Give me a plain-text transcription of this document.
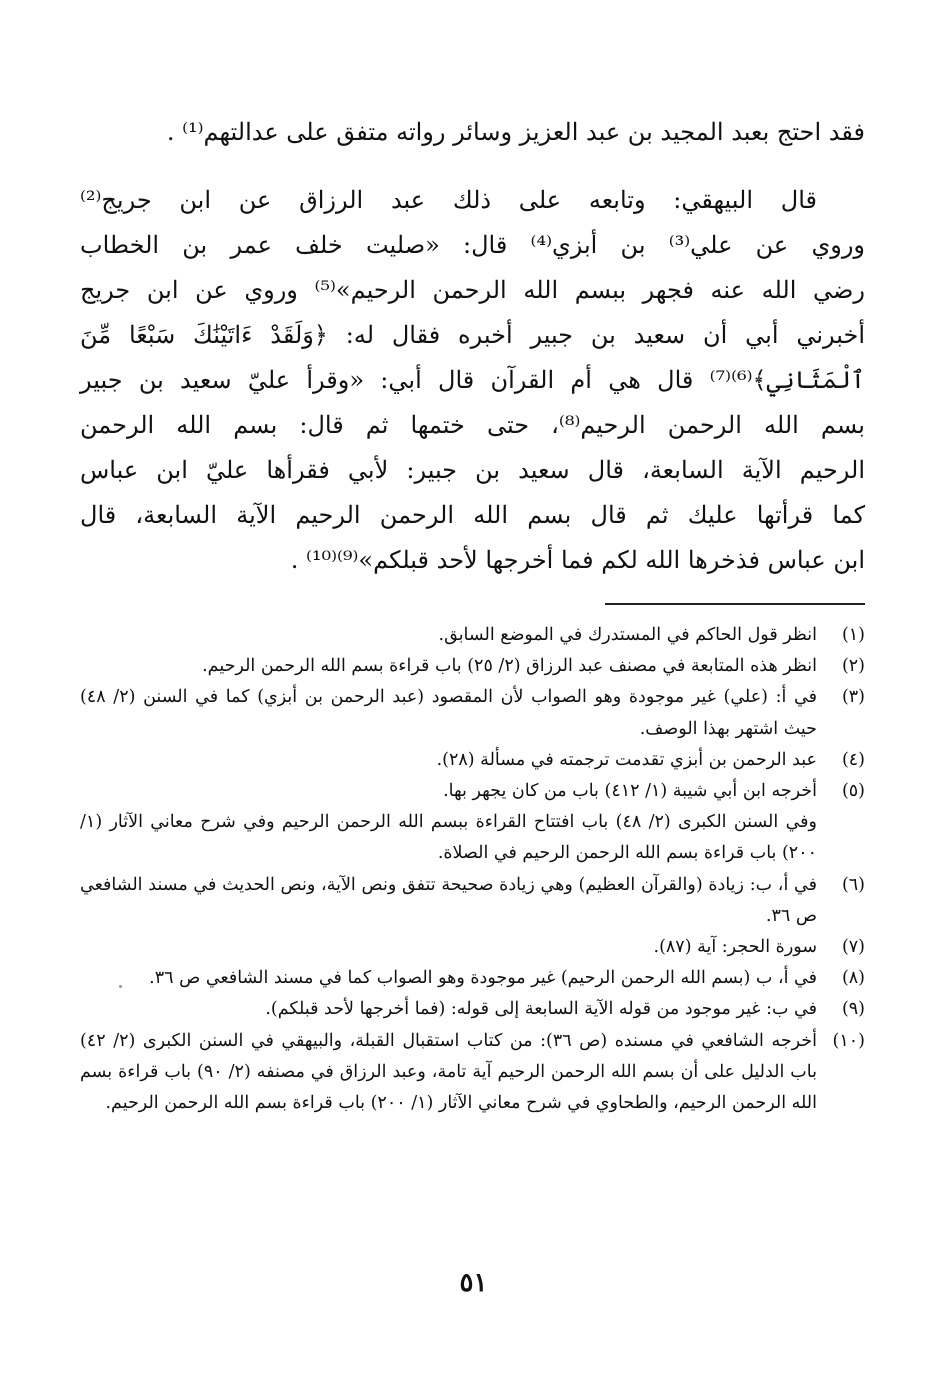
فقد احتج بعبد المجيد بن عبد العزيز وسائر رواته متفق على عدالتهم⁽¹⁾ .
قال البيهقي: وتابعه على ذلك عبد الرزاق عن ابن جريج⁽²⁾
وروي عن علي⁽³⁾ بن أبزي⁽⁴⁾ قال: «صليت خلف عمر بن الخطاب
رضي الله عنه فجهر ببسم الله الرحمن الرحيم»⁽⁵⁾ وروي عن ابن جريج
أخبرني أبي أن سعيد بن جبير أخبره فقال له: ﴿وَلَقَدْ ءَاتَيْنَٰكَ سَبْعًا مِّنَ
ٱلْمَثَانِي﴾⁽⁶⁾⁽⁷⁾ قال هي أم القرآن قال أبي: «وقرأ عليّ سعيد بن جبير
بسم الله الرحمن الرحيم⁽⁸⁾، حتى ختمها ثم قال: بسم الله الرحمن
الرحيم الآية السابعة، قال سعيد بن جبير: لأبي فقرأها عليّ ابن عباس
كما قرأتها عليك ثم قال بسم الله الرحمن الرحيم الآية السابعة، قال
ابن عباس فذخرها الله لكم فما أخرجها لأحد قبلكم»⁽⁹⁾⁽¹⁰⁾ .
(١)
انظر قول الحاكم في المستدرك في الموضع السابق.
(٢)
انظر هذه المتابعة في مصنف عبد الرزاق (٢/ ٢٥) باب قراءة بسم الله الرحمن الرحيم.
(٣)
في أ: (علي) غير موجودة وهو الصواب لأن المقصود (عبد الرحمن بن أبزي) كما في السنن (٢/ ٤٨) حيث اشتهر بهذا الوصف.
(٤)
عبد الرحمن بن أبزي تقدمت ترجمته في مسألة (٢٨).
(٥)
أخرجه ابن أبي شيبة (١/ ٤١٢) باب من كان يجهر بها.
وفي السنن الكبرى (٢/ ٤٨) باب افتتاح القراءة ببسم الله الرحمن الرحيم وفي شرح معاني الآثار (١/ ٢٠٠) باب قراءة بسم الله الرحمن الرحيم في الصلاة.
(٦)
في أ، ب: زيادة (والقرآن العظيم) وهي زيادة صحيحة تتفق ونص الآية، ونص الحديث في مسند الشافعي ص ٣٦.
(٧)
سورة الحجر: آية (٨٧).
(٨)
في أ، ب (بسم الله الرحمن الرحيم) غير موجودة وهو الصواب كما في مسند الشافعي ص ٣٦.
(٩)
في ب: غير موجود من قوله الآية السابعة إلى قوله: (فما أخرجها لأحد قبلكم).
(١٠)
أخرجه الشافعي في مسنده (ص ٣٦): من كتاب استقبال القبلة، والبيهقي في السنن الكبرى (٢/ ٤٢) باب الدليل على أن بسم الله الرحمن الرحيم آية تامة، وعبد الرزاق في مصنفه (٢/ ٩٠) باب قراءة بسم الله الرحمن الرحيم، والطحاوي في شرح معاني الآثار (١/ ٢٠٠) باب قراءة بسم الله الرحمن الرحيم.
٥١
